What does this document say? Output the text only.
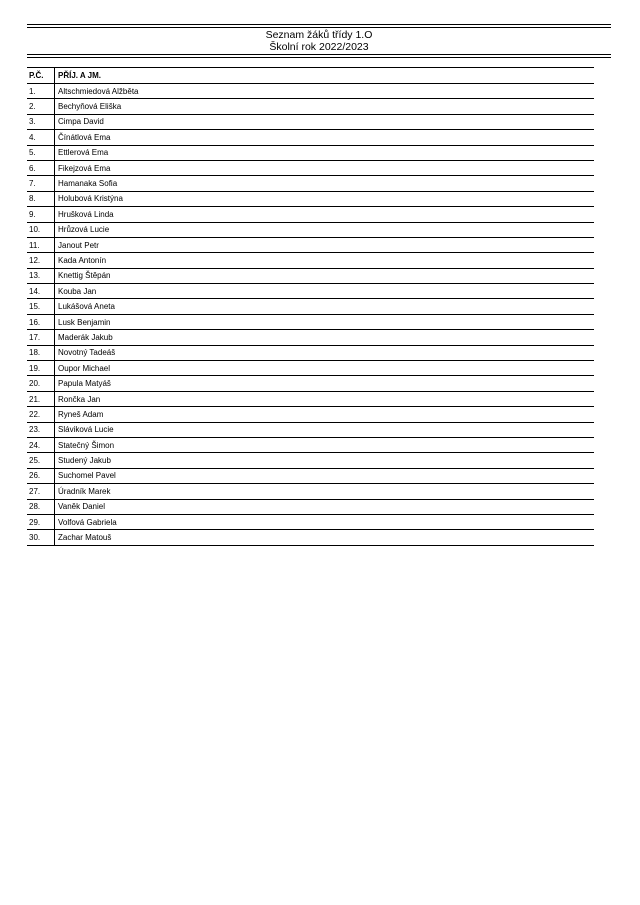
Seznam žáků třídy 1.O
Školní rok 2022/2023
P.Č.	PŘÍJ. A JM.
1.	Altschmiedová Alžběta
2.	Bechyňová Eliška
3.	Cimpa David
4.	Čínátlová Ema
5.	Ettlerová Ema
6.	Fikejzová Ema
7.	Hamanaka Sofia
8.	Holubová Kristýna
9.	Hrušková Linda
10.	Hrůzová Lucie
11.	Janout Petr
12.	Kada Antonín
13.	Knettig Štěpán
14.	Kouba Jan
15.	Lukášová Aneta
16.	Lusk Benjamin
17.	Maderák Jakub
18.	Novotný Tadeáš
19.	Oupor Michael
20.	Papula Matyáš
21.	Rončka Jan
22.	Ryneš Adam
23.	Sláviková Lucie
24.	Statečný Šimon
25.	Studený Jakub
26.	Suchomel Pavel
27.	Úradník Marek
28.	Vaněk Daniel
29.	Volfová Gabriela
30.	Zachar Matouš
